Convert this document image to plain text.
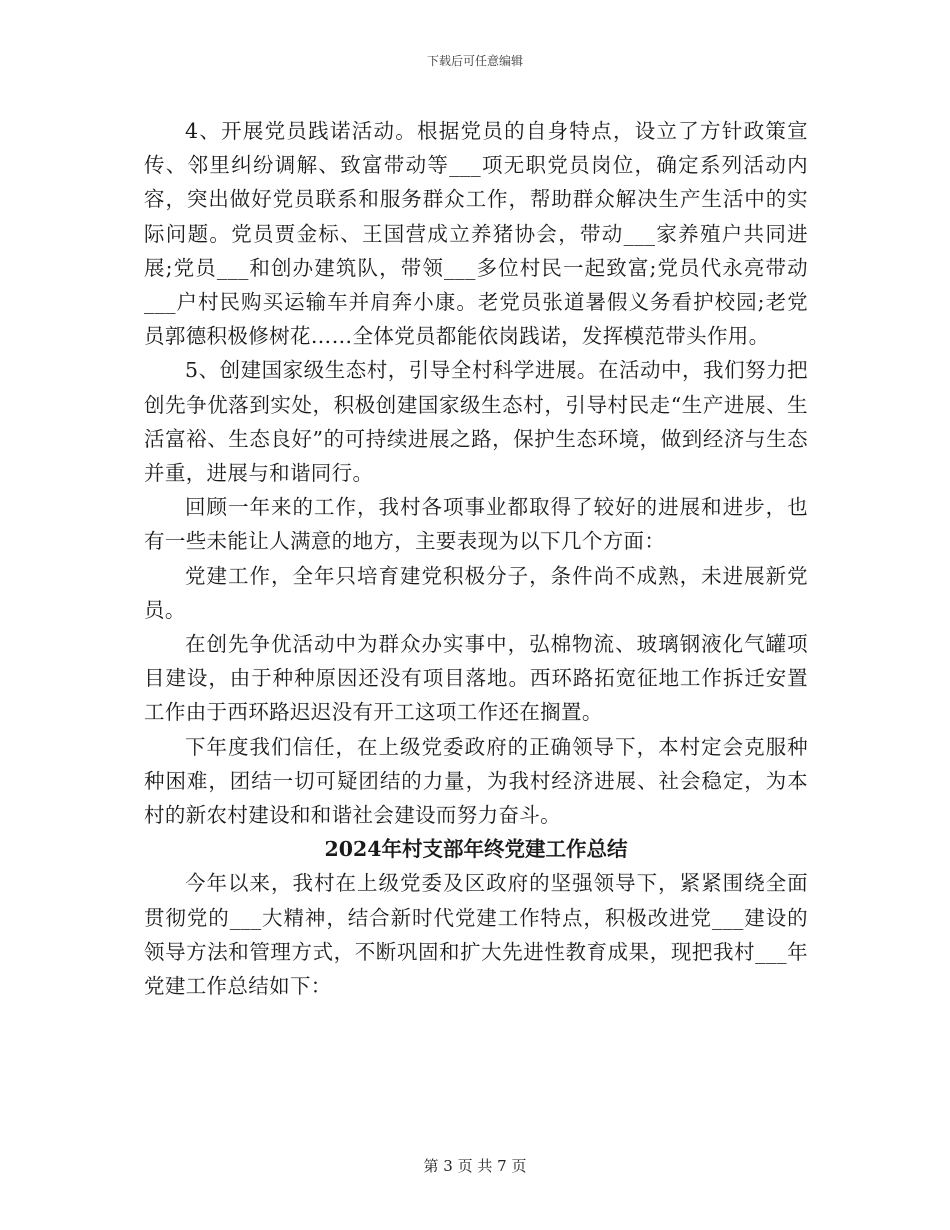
下载后可任意编辑

4、开展党员践诺活动。根据党员的自身特点，设立了方针政策宣传、邻里纠纷调解、致富带动等___项无职党员岗位，确定系列活动内容，突出做好党员联系和服务群众工作，帮助群众解决生产生活中的实际问题。党员贾金标、王国营成立养猪协会，带动___家养殖户共同进展;党员___和创办建筑队，带领___多位村民一起致富;党员代永亮带动___户村民购买运输车并肩奔小康。老党员张道暑假义务看护校园;老党员郭德积极修树花……全体党员都能依岗践诺，发挥模范带头作用。

5、创建国家级生态村，引导全村科学进展。在活动中，我们努力把创先争优落到实处，积极创建国家级生态村，引导村民走“生产进展、生活富裕、生态良好”的可持续进展之路，保护生态环境，做到经济与生态并重，进展与和谐同行。

回顾一年来的工作，我村各项事业都取得了较好的进展和进步，也有一些未能让人满意的地方，主要表现为以下几个方面：

党建工作，全年只培育建党积极分子，条件尚不成熟，未进展新党员。

在创先争优活动中为群众办实事中，弘棉物流、玻璃钢液化气罐项目建设，由于种种原因还没有项目落地。西环路拓宽征地工作拆迁安置工作由于西环路迟迟没有开工这项工作还在搁置。

下年度我们信任，在上级党委政府的正确领导下，本村定会克服种种困难，团结一切可疑团结的力量，为我村经济进展、社会稳定，为本村的新农村建设和和谐社会建设而努力奋斗。

2024年村支部年终党建工作总结

今年以来，我村在上级党委及区政府的坚强领导下，紧紧围绕全面贯彻党的___大精神，结合新时代党建工作特点，积极改进党___建设的领导方法和管理方式，不断巩固和扩大先进性教育成果，现把我村___年党建工作总结如下：

第 3 页 共 7 页
